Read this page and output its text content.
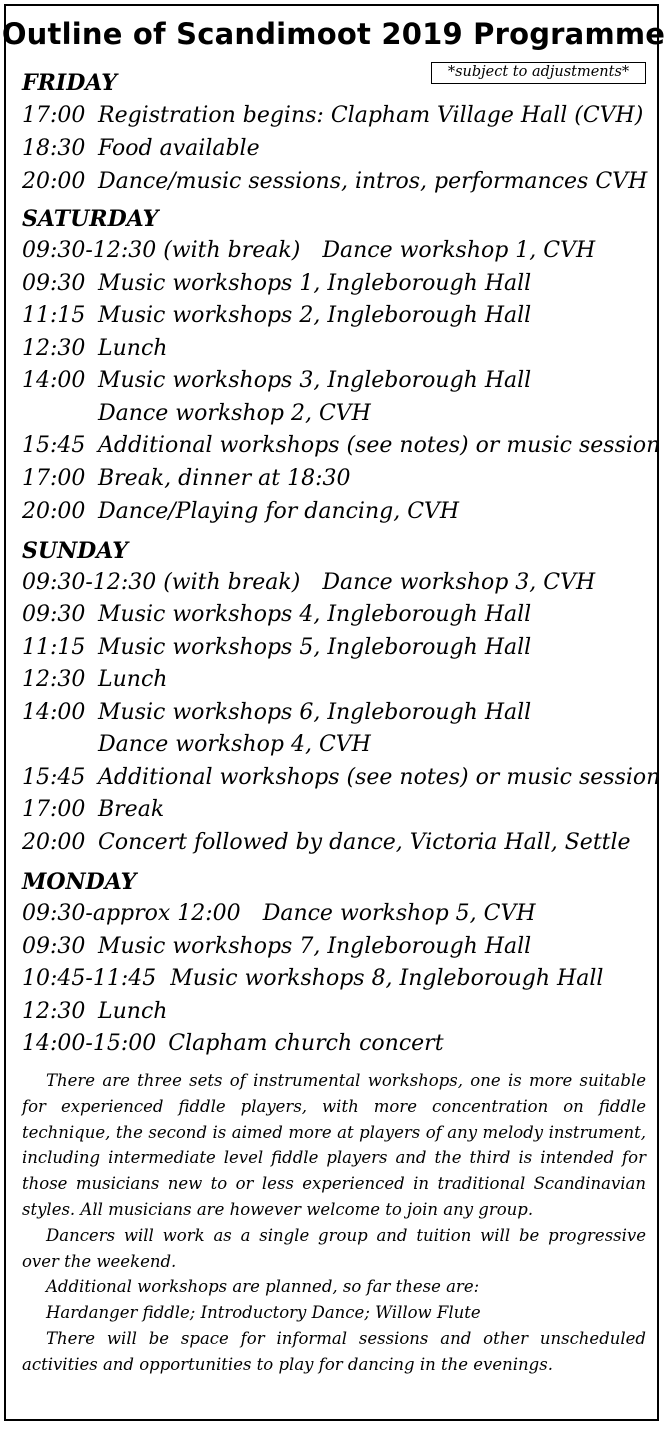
Outline of Scandimoot 2019 Programme
*subject to adjustments*
FRIDAY
17:00 Registration begins: Clapham Village Hall (CVH)
18:30 Food available
20:00 Dance/music sessions, intros, performances CVH
SATURDAY
09:30-12:30 (with break) Dance workshop 1, CVH
09:30 Music workshops 1, Ingleborough Hall
11:15 Music workshops 2, Ingleborough Hall
12:30 Lunch
14:00 Music workshops 3, Ingleborough Hall
Dance workshop 2, CVH
15:45 Additional workshops (see notes) or music session
17:00 Break, dinner at 18:30
20:00 Dance/Playing for dancing, CVH
SUNDAY
09:30-12:30 (with break) Dance workshop 3, CVH
09:30 Music workshops 4, Ingleborough Hall
11:15 Music workshops 5, Ingleborough Hall
12:30 Lunch
14:00 Music workshops 6, Ingleborough Hall
Dance workshop 4, CVH
15:45 Additional workshops (see notes) or music session
17:00 Break
20:00 Concert followed by dance, Victoria Hall, Settle
MONDAY
09:30-approx 12:00 Dance workshop 5, CVH
09:30 Music workshops 7, Ingleborough Hall
10:45-11:45 Music workshops 8, Ingleborough Hall
12:30 Lunch
14:00-15:00 Clapham church concert

There are three sets of instrumental workshops, one is more suitable for experienced fiddle players, with more concentration on fiddle technique, the second is aimed more at players of any melody instrument, including intermediate level fiddle players and the third is intended for those musicians new to or less experienced in traditional Scandinavian styles. All musicians are however welcome to join any group.

Dancers will work as a single group and tuition will be progressive over the weekend.

Additional workshops are planned, so far these are:

Hardanger fiddle; Introductory Dance; Willow Flute

There will be space for informal sessions and other unscheduled activities and opportunities to play for dancing in the evenings.
